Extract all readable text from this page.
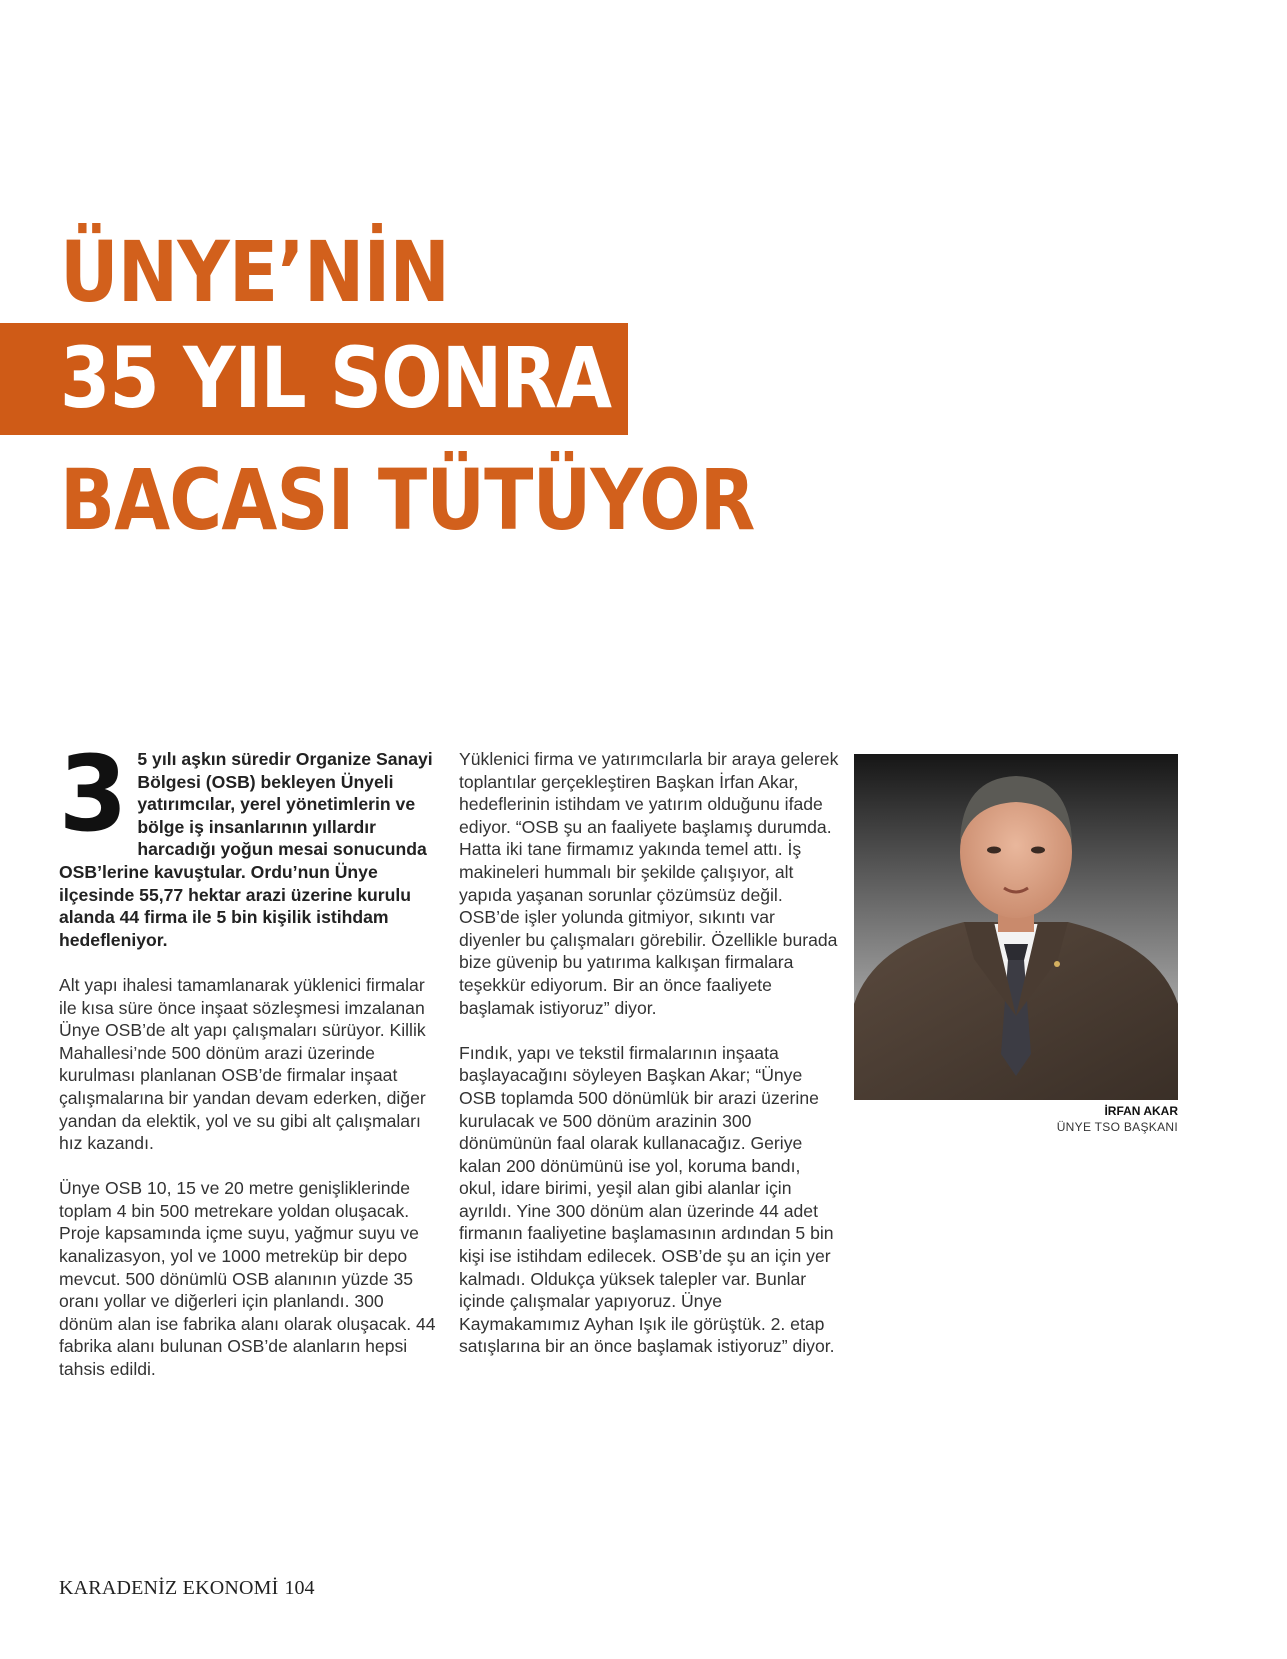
ÜNYE’NİN
35 YIL SONRA
BACASI TÜTÜYOR

3 5 yılı aşkın süredir Organize Sanayi Bölgesi (OSB) bekleyen Ünyeli yatırımcılar, yerel yönetimlerin ve bölge iş insanlarının yıllardır harcadığı yoğun mesai sonucunda OSB’lerine kavuştular. Ordu’nun Ünye ilçesinde 55,77 hektar arazi üzerine kurulu alanda 44 firma ile 5 bin kişilik istihdam hedefleniyor.

Alt yapı ihalesi tamamlanarak yüklenici firmalar ile kısa süre önce inşaat sözleşmesi imzalanan Ünye OSB’de alt yapı çalışmaları sürüyor. Killik Mahallesi’nde 500 dönüm arazi üzerinde kurulması planlanan OSB’de firmalar inşaat çalışmalarına bir yandan devam ederken, diğer yandan da elektik, yol ve su gibi alt çalışmaları hız kazandı.

Ünye OSB 10, 15 ve 20 metre genişliklerinde toplam 4 bin 500 metrekare yoldan oluşacak. Proje kapsamında içme suyu, yağmur suyu ve kanalizasyon, yol ve 1000 metreküp bir depo mevcut. 500 dönümlü OSB alanının yüzde 35 oranı yollar ve diğerleri için planlandı. 300 dönüm alan ise fabrika alanı olarak oluşacak. 44 fabrika alanı bulunan OSB’de alanların hepsi tahsis edildi.

Yüklenici firma ve yatırımcılarla bir araya gelerek toplantılar gerçekleştiren Başkan İrfan Akar, hedeflerinin istihdam ve yatırım olduğunu ifade ediyor. “OSB şu an faaliyete başlamış durumda. Hatta iki tane firmamız yakında temel attı. İş makineleri hummalı bir şekilde çalışıyor, alt yapıda yaşanan sorunlar çözümsüz değil. OSB’de işler yolunda gitmiyor, sıkıntı var diyenler bu çalışmaları görebilir. Özellikle burada bize güvenip bu yatırıma kalkışan firmalara teşekkür ediyorum. Bir an önce faaliyete başlamak istiyoruz” diyor.

Fındık, yapı ve tekstil firmalarının inşaata başlayacağını söyleyen Başkan Akar; “Ünye OSB toplamda 500 dönümlük bir arazi üzerine kurulacak ve 500 dönüm arazinin 300 dönümünün faal olarak kullanacağız. Geriye kalan 200 dönümünü ise yol, koruma bandı, okul, idare birimi, yeşil alan gibi alanlar için ayrıldı. Yine 300 dönüm alan üzerinde 44 adet firmanın faaliyetine başlamasının ardından 5 bin kişi ise istihdam edilecek. OSB’de şu an için yer kalmadı. Oldukça yüksek talepler var. Bunlar içinde çalışmalar yapıyoruz. Ünye Kaymakamımız Ayhan Işık ile görüştük. 2. etap satışlarına bir an önce başlamak istiyoruz” diyor.

İRFAN AKAR
ÜNYE TSO BAŞKANI
KARADENİZ EKONOMİ 104
